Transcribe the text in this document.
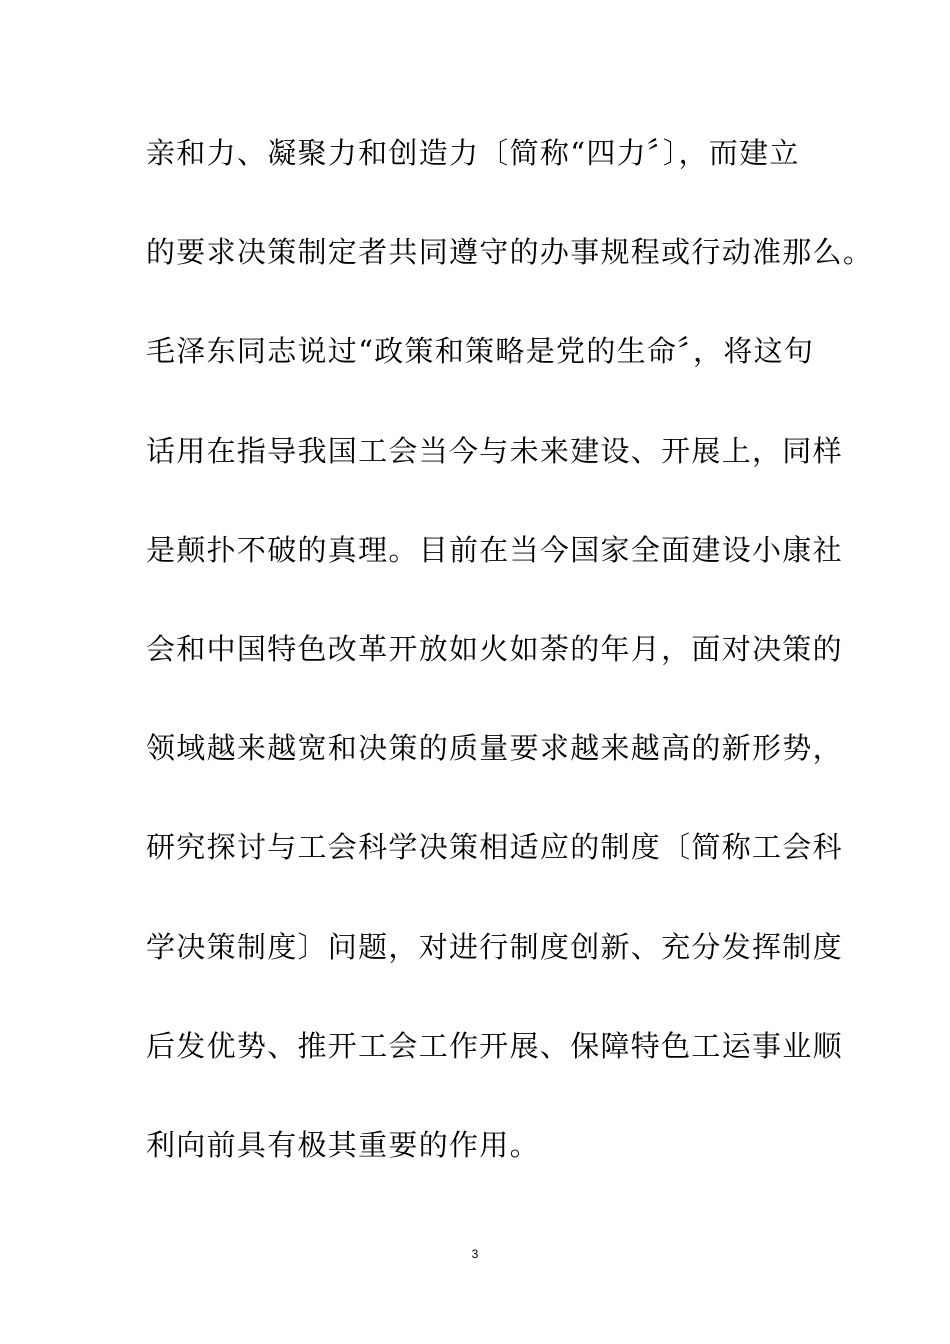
亲和力、凝聚力和创造力〔简称“四力〞〕，而建立
的要求决策制定者共同遵守的办事规程或行动准那么。
毛泽东同志说过“政策和策略是党的生命〞，将这句
话用在指导我国工会当今与未来建设、开展上，同样
是颠扑不破的真理。目前在当今国家全面建设小康社
会和中国特色改革开放如火如荼的年月，面对决策的
领域越来越宽和决策的质量要求越来越高的新形势，
研究探讨与工会科学决策相适应的制度〔简称工会科
学决策制度〕问题，对进行制度创新、充分发挥制度
后发优势、推开工会工作开展、保障特色工运事业顺
利向前具有极其重要的作用。
3
